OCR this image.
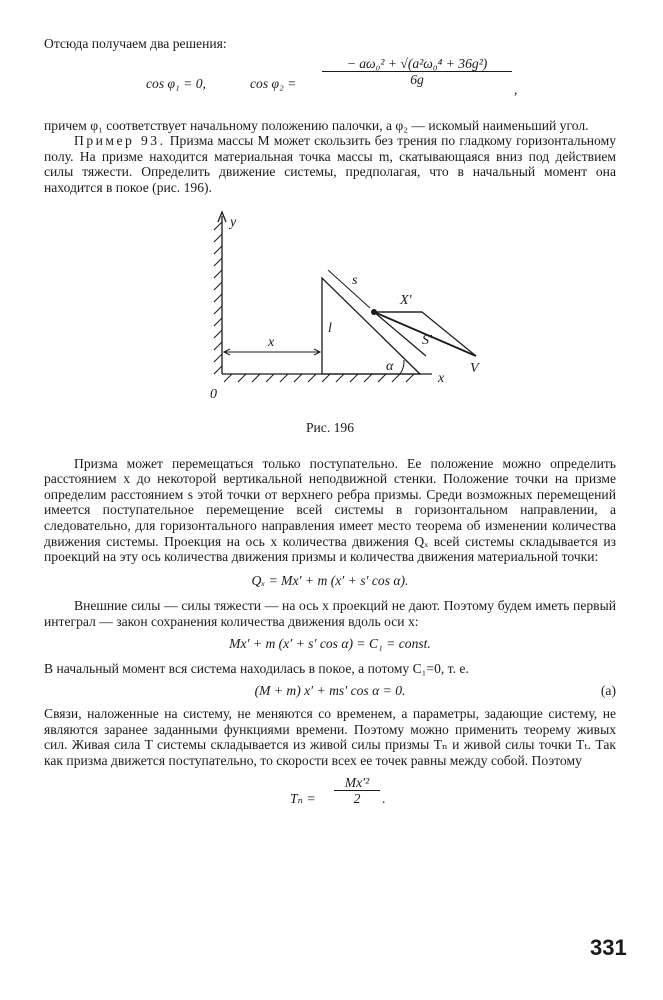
Отсюда получаем два решения:

cos φ₁ = 0,	cos φ₂ =
− aω₀² + √(a²ω₀⁴ + 36g²)
6g
,

причем φ₁ соответствует начальному положению палочки, а φ₂ — искомый наименьший угол.

Пример 93. Призма массы M может скользить без трения по гладкому горизонтальному полу. На призме находится материальная точка массы m, скатывающаяся вниз под действием силы тяжести. Определить движение системы, предполагая, что в начальный момент она находится в покое (рис. 196).

y
0
x
x
l
s
X'
S'
V
α
Рис. 196

Призма может перемещаться только поступательно. Ее положение можно определить расстоянием x до некоторой вертикальной неподвижной стенки. Положение точки на призме определим расстоянием s этой точки от верхнего ребра призмы. Среди возможных перемещений имеется поступательное перемещение всей системы в горизонтальном направлении, а следовательно, для горизонтального направления имеет место теорема об изменении количества движения системы. Проекция на ось x количества движения Qₓ всей системы складывается из проекций на эту ось количества движения призмы и количества движения материальной точки:

Qₓ = Mx′ + m (x′ + s′ cos α).

Внешние силы — силы тяжести — на ось x проекций не дают. Поэтому будем иметь первый интеграл — закон сохранения количества движения вдоль оси x:

Mx′ + m (x′ + s′ cos α) = C₁ = const.

В начальный момент вся система находилась в покое, а потому C₁=0, т. е.

(M + m) x′ + ms′ cos α = 0.	(a)

Связи, наложенные на систему, не меняются со временем, а параметры, задающие систему, не являются заранее заданными функциями времени. Поэтому можно применить теорему живых сил. Живая сила T системы складывается из живой силы призмы Tₙ и живой силы точки Tₜ. Так как призма движется поступательно, то скорости всех ее точек равны между собой. Поэтому

Tₙ =
Mx′²
2	.
331
